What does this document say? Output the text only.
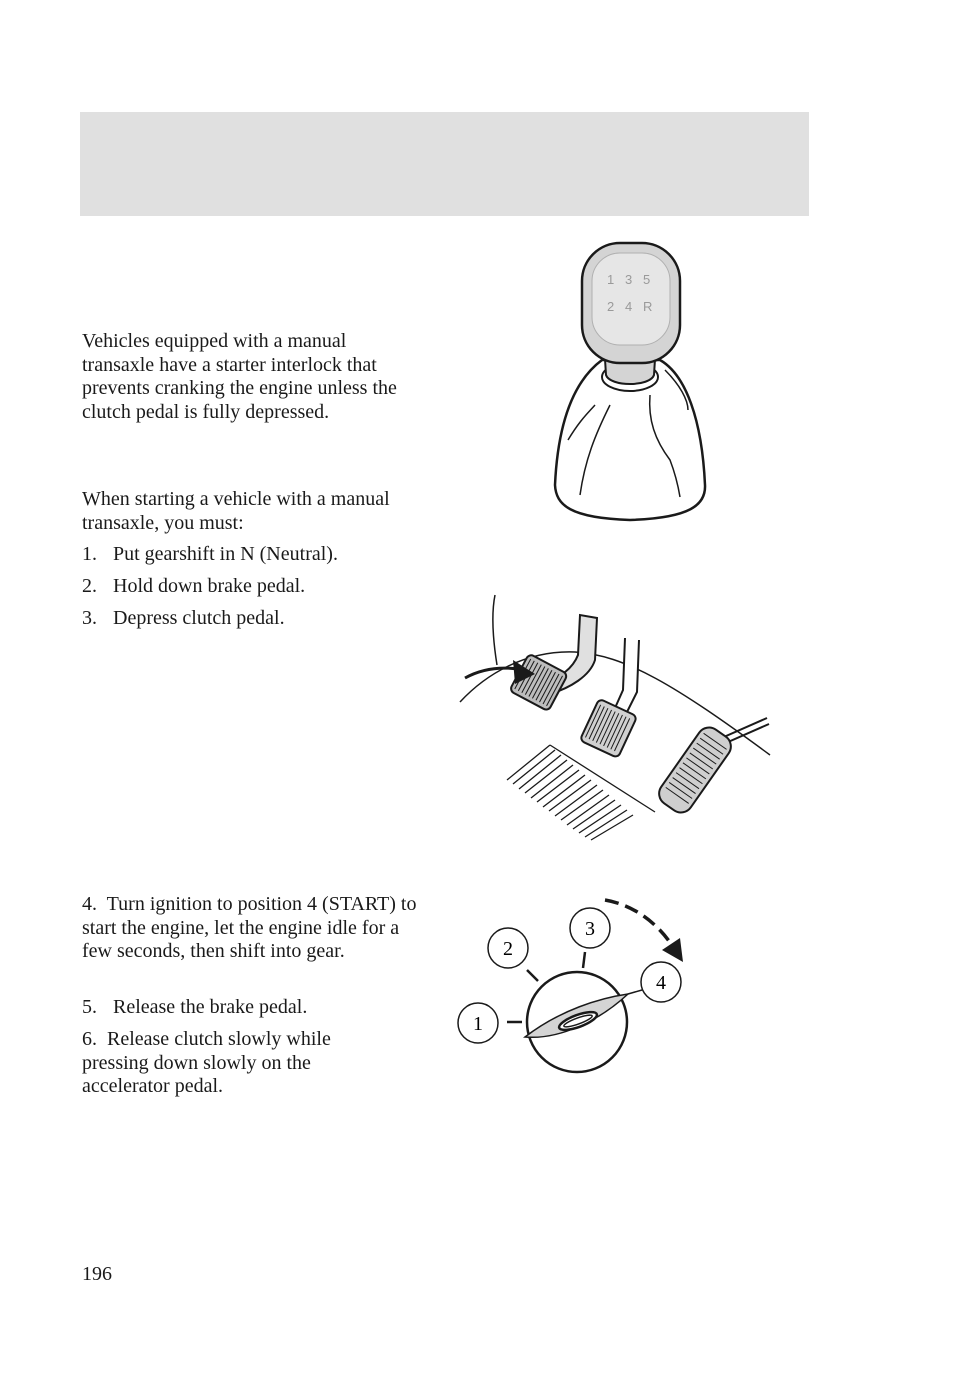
Vehicles equipped with a manual transaxle have a starter interlock that prevents cranking the engine unless the clutch pedal is fully depressed.

When starting a vehicle with a manual transaxle, you must:

1. Put gearshift in N (Neutral).

2. Hold down brake pedal.

3. Depress clutch pedal.

4. Turn ignition to position 4 (START) to start the engine, let the engine idle for a few seconds, then shift into gear.

5. Release the brake pedal.

6. Release clutch slowly while pressing down slowly on the accelerator pedal.

1 3 5
2 4 R
1
2
3
4
196
